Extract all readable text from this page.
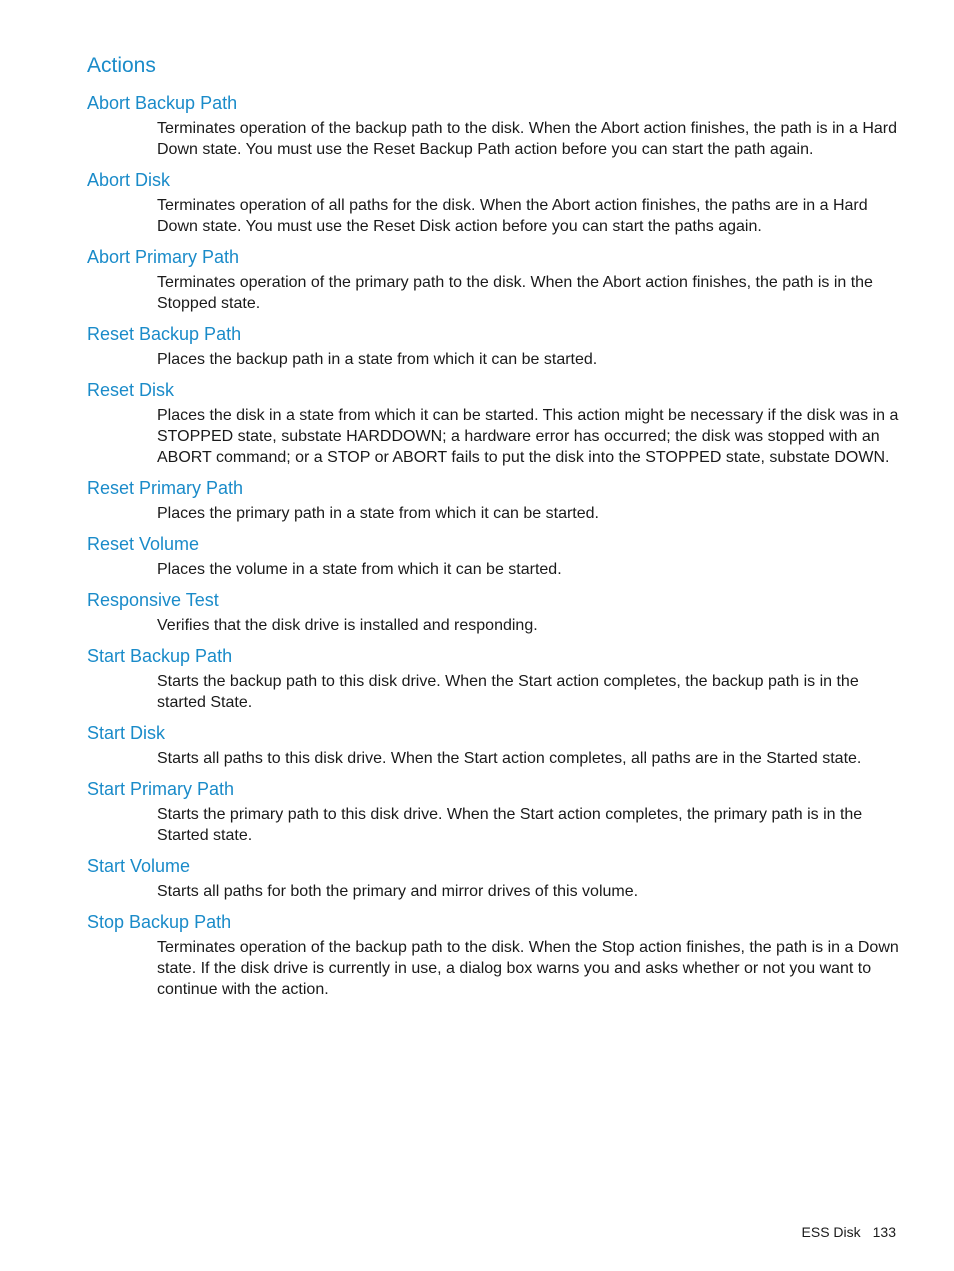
Actions
Abort Backup Path

Terminates operation of the backup path to the disk. When the Abort action finishes, the path is in a Hard Down state. You must use the Reset Backup Path action before you can start the path again.

Abort Disk

Terminates operation of all paths for the disk. When the Abort action finishes, the paths are in a Hard Down state. You must use the Reset Disk action before you can start the paths again.

Abort Primary Path

Terminates operation of the primary path to the disk. When the Abort action finishes, the path is in the Stopped state.

Reset Backup Path

Places the backup path in a state from which it can be started.

Reset Disk

Places the disk in a state from which it can be started. This action might be necessary if the disk was in a STOPPED state, substate HARDDOWN; a hardware error has occurred; the disk was stopped with an ABORT command; or a STOP or ABORT fails to put the disk into the STOPPED state, substate DOWN.

Reset Primary Path

Places the primary path in a state from which it can be started.

Reset Volume

Places the volume in a state from which it can be started.

Responsive Test

Verifies that the disk drive is installed and responding.

Start Backup Path

Starts the backup path to this disk drive. When the Start action completes, the backup path is in the started State.

Start Disk

Starts all paths to this disk drive. When the Start action completes, all paths are in the Started state.

Start Primary Path

Starts the primary path to this disk drive. When the Start action completes, the primary path is in the Started state.

Start Volume

Starts all paths for both the primary and mirror drives of this volume.

Stop Backup Path

Terminates operation of the backup path to the disk. When the Stop action finishes, the path is in a Down state. If the disk drive is currently in use, a dialog box warns you and asks whether or not you want to continue with the action.

ESS Disk 133
